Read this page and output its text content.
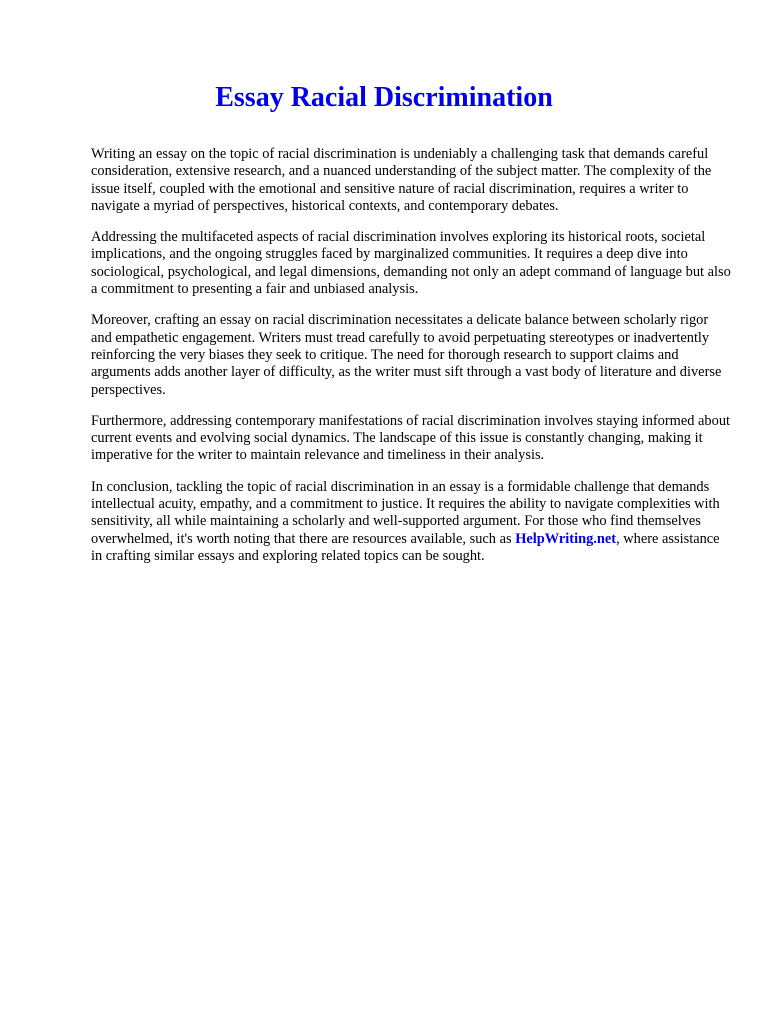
Essay Racial Discrimination

Writing an essay on the topic of racial discrimination is undeniably a challenging task that demands careful consideration, extensive research, and a nuanced understanding of the subject matter. The complexity of the issue itself, coupled with the emotional and sensitive nature of racial discrimination, requires a writer to navigate a myriad of perspectives, historical contexts, and contemporary debates.

Addressing the multifaceted aspects of racial discrimination involves exploring its historical roots, societal implications, and the ongoing struggles faced by marginalized communities. It requires a deep dive into sociological, psychological, and legal dimensions, demanding not only an adept command of language but also a commitment to presenting a fair and unbiased analysis.

Moreover, crafting an essay on racial discrimination necessitates a delicate balance between scholarly rigor and empathetic engagement. Writers must tread carefully to avoid perpetuating stereotypes or inadvertently reinforcing the very biases they seek to critique. The need for thorough research to support claims and arguments adds another layer of difficulty, as the writer must sift through a vast body of literature and diverse perspectives.

Furthermore, addressing contemporary manifestations of racial discrimination involves staying informed about current events and evolving social dynamics. The landscape of this issue is constantly changing, making it imperative for the writer to maintain relevance and timeliness in their analysis.

In conclusion, tackling the topic of racial discrimination in an essay is a formidable challenge that demands intellectual acuity, empathy, and a commitment to justice. It requires the ability to navigate complexities with sensitivity, all while maintaining a scholarly and well-supported argument. For those who find themselves overwhelmed, it's worth noting that there are resources available, such as HelpWriting.net, where assistance in crafting similar essays and exploring related topics can be sought.
